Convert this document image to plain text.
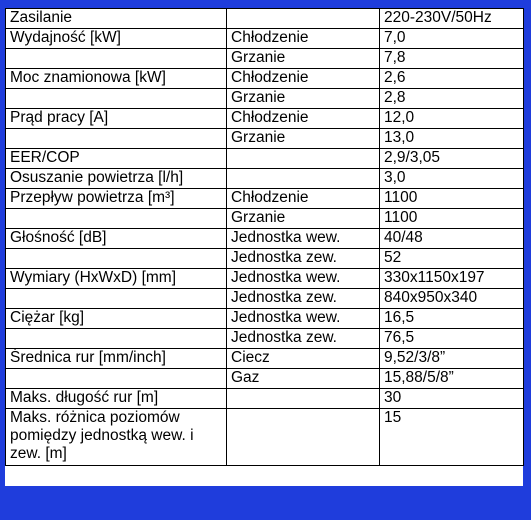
Zasilanie		220-230V/50Hz
Wydajność [kW]	Chłodzenie	7,0
	Grzanie	7,8
Moc znamionowa [kW]	Chłodzenie	2,6
	Grzanie	2,8
Prąd pracy [A]	Chłodzenie	12,0
	Grzanie	13,0
EER/COP		2,9/3,05
Osuszanie powietrza [l/h]		3,0
Przepływ powietrza [m³]	Chłodzenie	1100
	Grzanie	1100
Głośność [dB]	Jednostka wew.	40/48
	Jednostka zew.	52
Wymiary (HxWxD) [mm]	Jednostka wew.	330x1150x197
	Jednostka zew.	840x950x340
Ciężar [kg]	Jednostka wew.	16,5
	Jednostka zew.	76,5
Średnica rur [mm/inch]	Ciecz	9,52/3/8”
	Gaz	15,88/5/8”
Maks. długość rur [m]		30
Maks. różnica poziomów pomiędzy jednostką wew. i zew. [m]		15
